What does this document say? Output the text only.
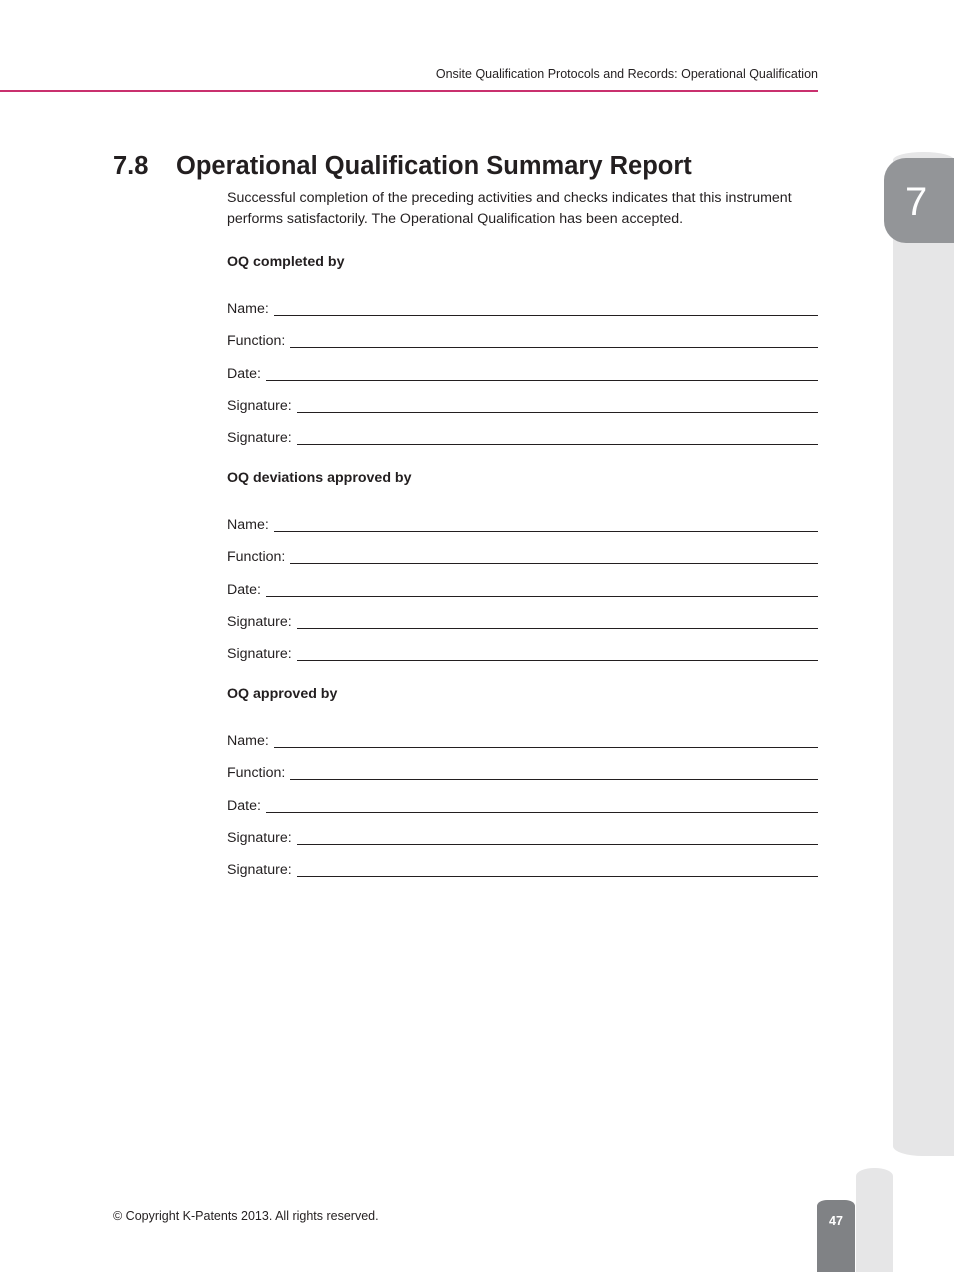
Onsite Qualification Protocols and Records: Operational Qualification
7.8 Operational Qualification Summary Report

Successful completion of the preceding activities and checks indicates that this instrument performs satisfactorily. The Operational Qualification has been accepted.

OQ completed by
Name:
Function:
Date:
Signature:
Signature:
OQ deviations approved by
Name:
Function:
Date:
Signature:
Signature:
OQ approved by
Name:
Function:
Date:
Signature:
Signature:
7
47
© Copyright K-Patents 2013. All rights reserved.
